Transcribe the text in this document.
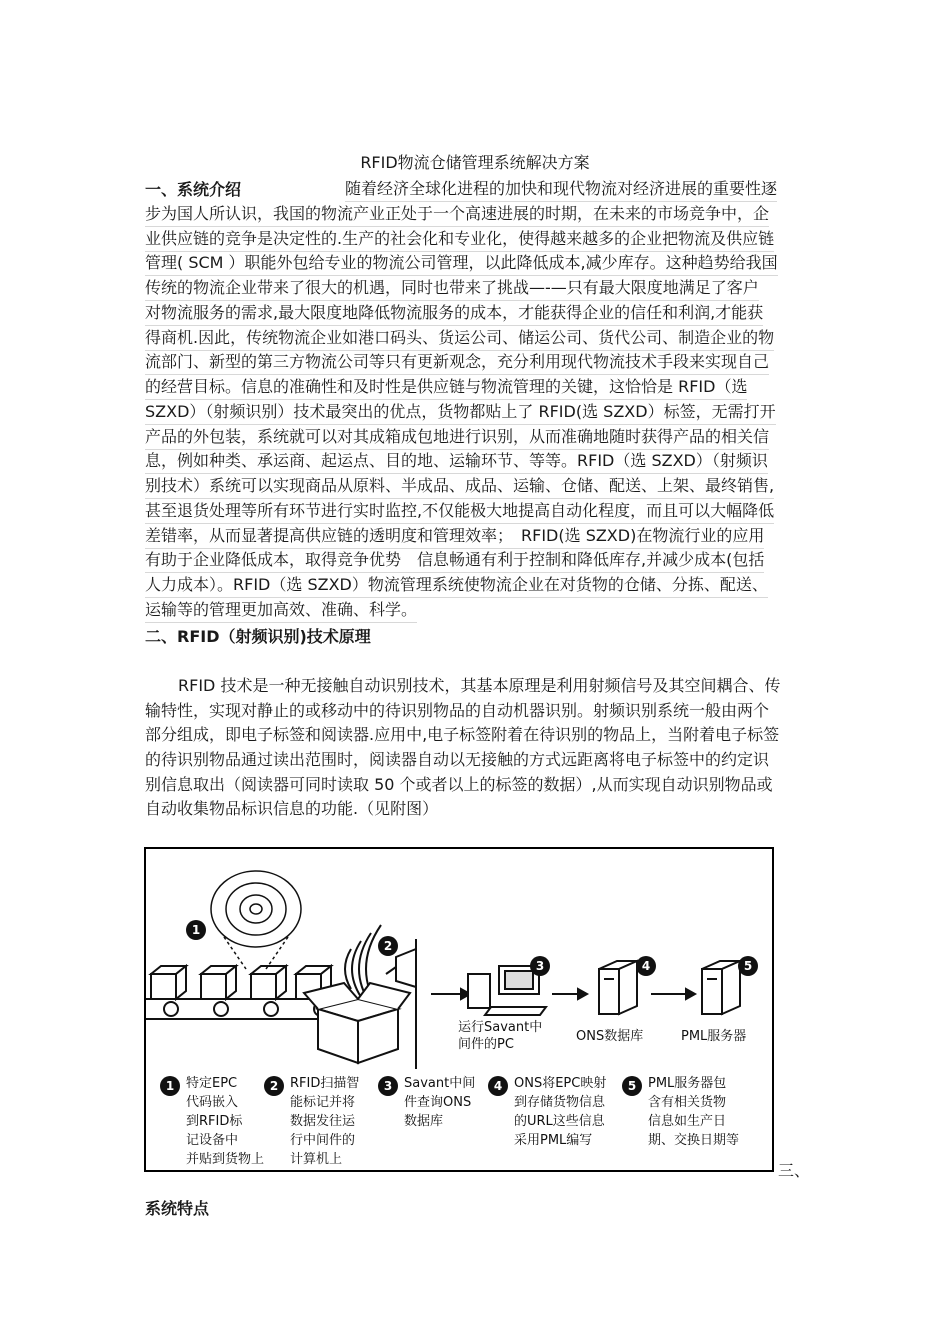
RFID物流仓储管理系统解决方案
一、系统介绍	随着经济全球化进程的加快和现代物流对经济进展的重要性逐
步为国人所认识，我国的物流产业正处于一个高速进展的时期，在未来的市场竞争中，企
业供应链的竞争是决定性的.生产的社会化和专业化，使得越来越多的企业把物流及供应链
管理( SCM ）职能外包给专业的物流公司管理，以此降低成本,减少库存。这种趋势给我国
传统的物流企业带来了很大的机遇，同时也带来了挑战—-—只有最大限度地满足了客户
对物流服务的需求,最大限度地降低物流服务的成本，才能获得企业的信任和利润,才能获
得商机.因此，传统物流企业如港口码头、货运公司、储运公司、货代公司、制造企业的物
流部门、新型的第三方物流公司等只有更新观念，充分利用现代物流技术手段来实现自己
的经营目标。信息的准确性和及时性是供应链与物流管理的关键，这恰恰是 RFID（选
SZXD）（射频识别）技术最突出的优点，货物都贴上了 RFID(选 SZXD）标签，无需打开
产品的外包装，系统就可以对其成箱成包地进行识别，从而准确地随时获得产品的相关信
息，例如种类、承运商、起运点、目的地、运输环节、等等。RFID（选 SZXD）（射频识
别技术）系统可以实现商品从原料、半成品、成品、运输、仓储、配送、上架、最终销售,
甚至退货处理等所有环节进行实时监控,不仅能极大地提高自动化程度，而且可以大幅降低
差错率，从而显著提高供应链的透明度和管理效率；　RFID(选 SZXD)在物流行业的应用
有助于企业降低成本，取得竞争优势　信息畅通有利于控制和降低库存,并减少成本(包括
人力成本）。RFID（选 SZXD）物流管理系统使物流企业在对货物的仓储、分拣、配送、
运输等的管理更加高效、准确、科学。
二、RFID（射频识别)技术原理
RFID 技术是一种无接触自动识别技术，其基本原理是利用射频信号及其空间耦合、传
输特性，实现对静止的或移动中的待识别物品的自动机器识别。射频识别系统一般由两个
部分组成，即电子标签和阅读器.应用中,电子标签附着在待识别的物品上，当附着电子标签
的待识别物品通过读出范围时，阅读器自动以无接触的方式远距离将电子标签中的约定识
别信息取出（阅读器可同时读取 50 个或者以上的标签的数据）,从而实现自动识别物品或
自动收集物品标识信息的功能.（见附图）
1
2
3	4	5
运行Savant中
间件的PC
ONS数据库	PML服务器
1 特定EPC
代码嵌入
到RFID标
记设备中
并贴到货物上
2 RFID扫描智
能标记并将
数据发往运
行中间件的
计算机上
3 Savant中间
件查询ONS
数据库
4 ONS将EPC映射
到存储货物信息
的URL这些信息
采用PML编写
5 PML服务器包
含有相关货物
信息如生产日
期、交换日期等
三、
系统特点
